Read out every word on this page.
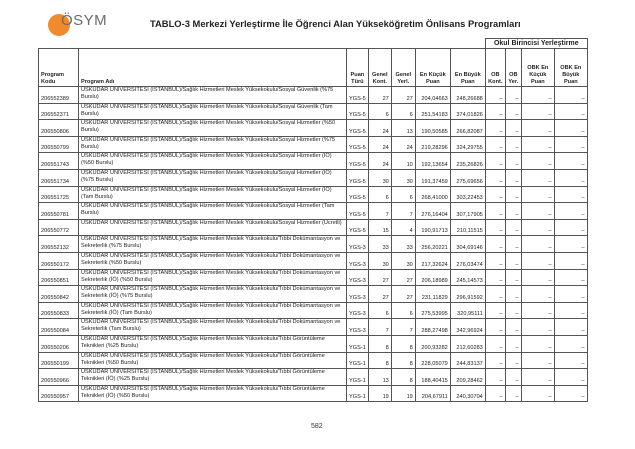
ÖSYM	TABLO-3 Merkezi Yerleştirme İle Öğrenci Alan Yükseköğretim Önlisans Programları
							Okul Birincisi Yerleştirme			
Program Kodu	Program Adı	Puan Türü	Genel Kont.	Genel Yerl.	En Küçük Puan	En Büyük Puan	OB Kont.	OB Yer.	OBK En Küçük Puan	OBK En Büyük Puan
206552389	ÜSKÜDAR ÜNİVERSİTESİ (İSTANBUL)/Sağlık Hizmetleri Meslek Yüksekokulu/Sosyal Güvenlik (%75 Burslu)	YGS-5	27	27	204,04663	248,26688	--	--	--	--
206552371	ÜSKÜDAR ÜNİVERSİTESİ (İSTANBUL)/Sağlık Hizmetleri Meslek Yüksekokulu/Sosyal Güvenlik (Tam Burslu)	YGS-5	6	6	251,54183	374,01826	--	--	--	--
206550806	ÜSKÜDAR ÜNİVERSİTESİ (İSTANBUL)/Sağlık Hizmetleri Meslek Yüksekokulu/Sosyal Hizmetler (%50 Burslu)	YGS-5	24	13	190,50585	266,82087	--	--	--	--
206550799	ÜSKÜDAR ÜNİVERSİTESİ (İSTANBUL)/Sağlık Hizmetleri Meslek Yüksekokulu/Sosyal Hizmetler (%75 Burslu)	YGS-5	24	24	219,28296	324,29755	--	--	--	--
206551743	ÜSKÜDAR ÜNİVERSİTESİ (İSTANBUL)/Sağlık Hizmetleri Meslek Yüksekokulu/Sosyal Hizmetler (İÖ) (%50 Burslu)	YGS-5	24	10	192,13654	235,26826	--	--	--	--
206551734	ÜSKÜDAR ÜNİVERSİTESİ (İSTANBUL)/Sağlık Hizmetleri Meslek Yüksekokulu/Sosyal Hizmetler (İÖ) (%75 Burslu)	YGS-5	30	30	191,37459	275,69656	--	--	--	--
206551725	ÜSKÜDAR ÜNİVERSİTESİ (İSTANBUL)/Sağlık Hizmetleri Meslek Yüksekokulu/Sosyal Hizmetler (İÖ) (Tam Burslu)	YGS-5	6	6	268,41000	303,22453	--	--	--	--
206550781	ÜSKÜDAR ÜNİVERSİTESİ (İSTANBUL)/Sağlık Hizmetleri Meslek Yüksekokulu/Sosyal Hizmetler (Tam Burslu)	YGS-5	7	7	276,16404	307,17905	--	--	--	--
206550772	ÜSKÜDAR ÜNİVERSİTESİ (İSTANBUL)/Sağlık Hizmetleri Meslek Yüksekokulu/Sosyal Hizmetler (Ücretli)	YGS-5	15	4	190,91713	210,11515	--	--	--	--
206552132	ÜSKÜDAR ÜNİVERSİTESİ (İSTANBUL)/Sağlık Hizmetleri Meslek Yüksekokulu/Tıbbi Dokümantasyon ve Sekreterlik (%75 Burslu)	YGS-3	33	33	256,20221	304,69146	--	--	--	--
206550172	ÜSKÜDAR ÜNİVERSİTESİ (İSTANBUL)/Sağlık Hizmetleri Meslek Yüksekokulu/Tıbbi Dokümantasyon ve Sekreterlik (%50 Burslu)	YGS-3	30	30	217,32624	276,03474	--	--	--	--
206550851	ÜSKÜDAR ÜNİVERSİTESİ (İSTANBUL)/Sağlık Hizmetleri Meslek Yüksekokulu/Tıbbi Dokümantasyon ve Sekreterlik (İÖ) (%50 Burslu)	YGS-3	27	27	206,18989	245,14573	--	--	--	--
206550842	ÜSKÜDAR ÜNİVERSİTESİ (İSTANBUL)/Sağlık Hizmetleri Meslek Yüksekokulu/Tıbbi Dokümantasyon ve Sekreterlik (İÖ) (%75 Burslu)	YGS-3	27	27	231,11829	296,91592	--	--	--	--
206550833	ÜSKÜDAR ÜNİVERSİTESİ (İSTANBUL)/Sağlık Hizmetleri Meslek Yüksekokulu/Tıbbi Dokümantasyon ve Sekreterlik (İÖ) (Tam Burslu)	YGS-3	6	6	275,53995	320,95111	--	--	--	--
206550084	ÜSKÜDAR ÜNİVERSİTESİ (İSTANBUL)/Sağlık Hizmetleri Meslek Yüksekokulu/Tıbbi Dokümantasyon ve Sekreterlik (Tam Burslu)	YGS-3	7	7	288,27498	342,96924	--	--	--	--
206550206	ÜSKÜDAR ÜNİVERSİTESİ (İSTANBUL)/Sağlık Hizmetleri Meslek Yüksekokulu/Tıbbi Görüntüleme Teknikleri (%25 Burslu)	YGS-1	8	8	200,93282	212,60283	--	--	--	--
206550199	ÜSKÜDAR ÜNİVERSİTESİ (İSTANBUL)/Sağlık Hizmetleri Meslek Yüksekokulu/Tıbbi Görüntüleme Teknikleri (%50 Burslu)	YGS-1	8	8	228,05079	244,83137	--	--	--	--
206550966	ÜSKÜDAR ÜNİVERSİTESİ (İSTANBUL)/Sağlık Hizmetleri Meslek Yüksekokulu/Tıbbi Görüntüleme Teknikleri (İÖ) (%25 Burslu)	YGS-1	13	8	188,40415	209,28462	--	--	--	--
206550957	ÜSKÜDAR ÜNİVERSİTESİ (İSTANBUL)/Sağlık Hizmetleri Meslek Yüksekokulu/Tıbbi Görüntüleme Teknikleri (İÖ) (%50 Burslu)	YGS-1	19	19	204,67911	240,30704	--	--	--	--
582
